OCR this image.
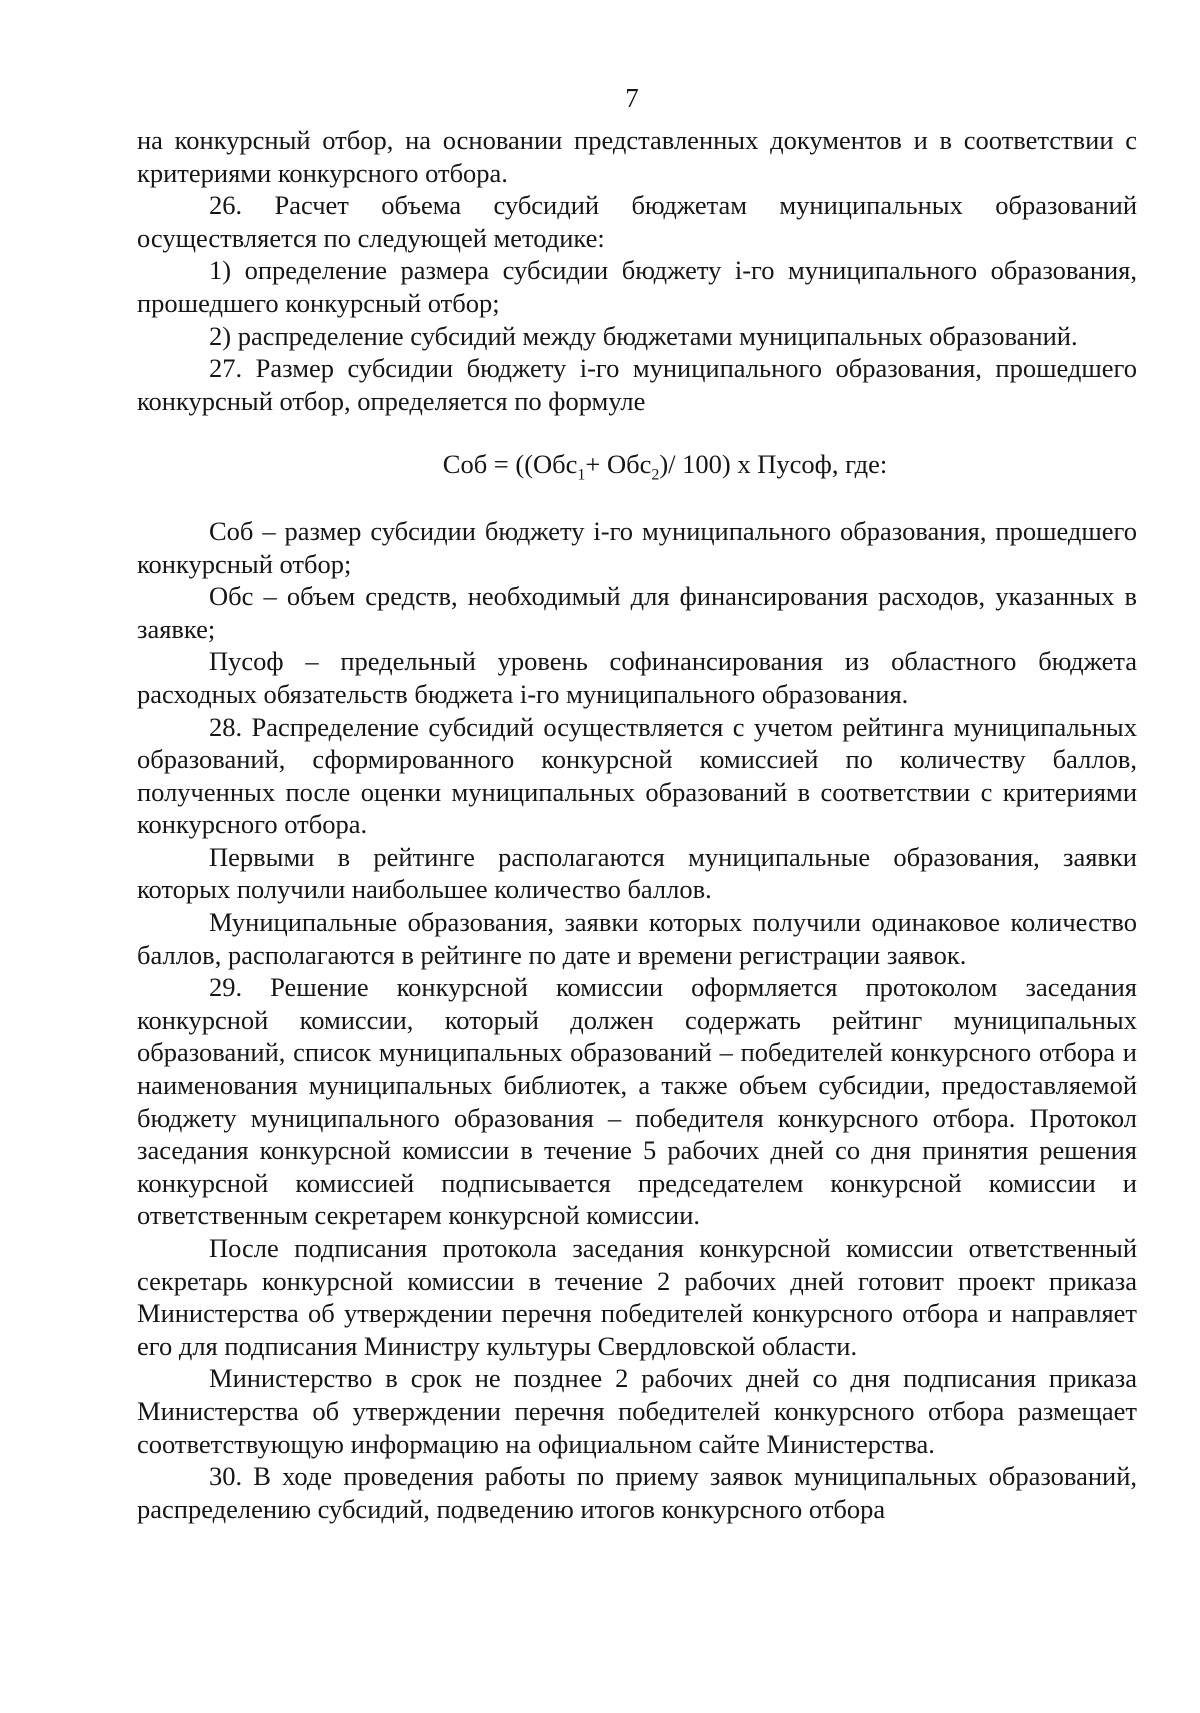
7

на конкурсный отбор, на основании представленных документов и в соответствии с критериями конкурсного отбора.

26. Расчет объема субсидий бюджетам муниципальных образований осуществляется по следующей методике:

1) определение размера субсидии бюджету i-го муниципального образования, прошедшего конкурсный отбор;

2) распределение субсидий между бюджетами муниципальных образований.

27. Размер субсидии бюджету i-го муниципального образования, прошедшего конкурсный отбор, определяется по формуле

Соб = ((Обс$_1$+ Обс$_2$)/ 100) x Пусоф, где:

Соб – размер субсидии бюджету i-го муниципального образования, прошедшего конкурсный отбор;

Обс – объем средств, необходимый для финансирования расходов, указанных в заявке;

Пусоф – предельный уровень софинансирования из областного бюджета расходных обязательств бюджета i-го муниципального образования.

28. Распределение субсидий осуществляется с учетом рейтинга муниципальных образований, сформированного конкурсной комиссией по количеству баллов, полученных после оценки муниципальных образований в соответствии с критериями конкурсного отбора.

Первыми в рейтинге располагаются муниципальные образования, заявки которых получили наибольшее количество баллов.

Муниципальные образования, заявки которых получили одинаковое количество баллов, располагаются в рейтинге по дате и времени регистрации заявок.

29. Решение конкурсной комиссии оформляется протоколом заседания конкурсной комиссии, который должен содержать рейтинг муниципальных образований, список муниципальных образований – победителей конкурсного отбора и наименования муниципальных библиотек, а также объем субсидии, предоставляемой бюджету муниципального образования – победителя конкурсного отбора. Протокол заседания конкурсной комиссии в течение 5 рабочих дней со дня принятия решения конкурсной комиссией подписывается председателем конкурсной комиссии и ответственным секретарем конкурсной комиссии.

После подписания протокола заседания конкурсной комиссии ответственный секретарь конкурсной комиссии в течение 2 рабочих дней готовит проект приказа Министерства об утверждении перечня победителей конкурсного отбора и направляет его для подписания Министру культуры Свердловской области.

Министерство в срок не позднее 2 рабочих дней со дня подписания приказа Министерства об утверждении перечня победителей конкурсного отбора размещает соответствующую информацию на официальном сайте Министерства.

30. В ходе проведения работы по приему заявок муниципальных образований, распределению субсидий, подведению итогов конкурсного отбора
